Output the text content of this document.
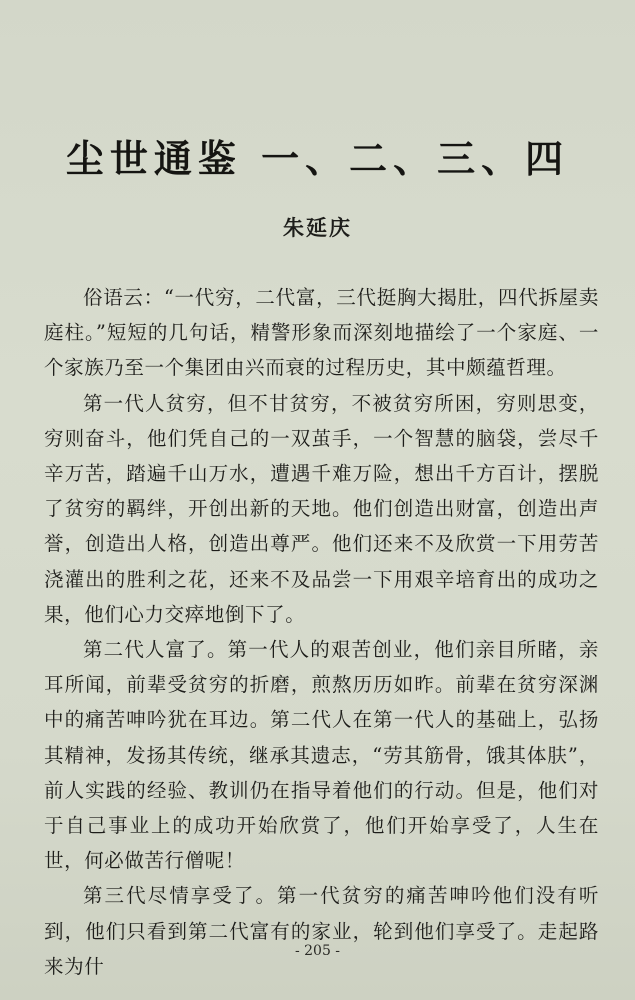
尘世通鉴 一、二、三、四
朱延庆

俗语云：“一代穷，二代富，三代挺胸大揭肚，四代拆屋卖庭柱。”短短的几句话，精警形象而深刻地描绘了一个家庭、一个家族乃至一个集团由兴而衰的过程历史，其中颇蕴哲理。

第一代人贫穷，但不甘贫穷，不被贫穷所困，穷则思变，穷则奋斗，他们凭自己的一双茧手，一个智慧的脑袋，尝尽千辛万苦，踏遍千山万水，遭遇千难万险，想出千方百计，摆脱了贫穷的羁绊，开创出新的天地。他们创造出财富，创造出声誉，创造出人格，创造出尊严。他们还来不及欣赏一下用劳苦浇灌出的胜利之花，还来不及品尝一下用艰辛培育出的成功之果，他们心力交瘁地倒下了。

第二代人富了。第一代人的艰苦创业，他们亲目所睹，亲耳所闻，前辈受贫穷的折磨，煎熬历历如昨。前辈在贫穷深渊中的痛苦呻吟犹在耳边。第二代人在第一代人的基础上，弘扬其精神，发扬其传统，继承其遗志，“劳其筋骨，饿其体肤”，前人实践的经验、教训仍在指导着他们的行动。但是，他们对于自己事业上的成功开始欣赏了，他们开始享受了，人生在世，何必做苦行僧呢！

第三代尽情享受了。第一代贫穷的痛苦呻吟他们没有听到，他们只看到第二代富有的家业，轮到他们享受了。走起路来为什

- 205 -
